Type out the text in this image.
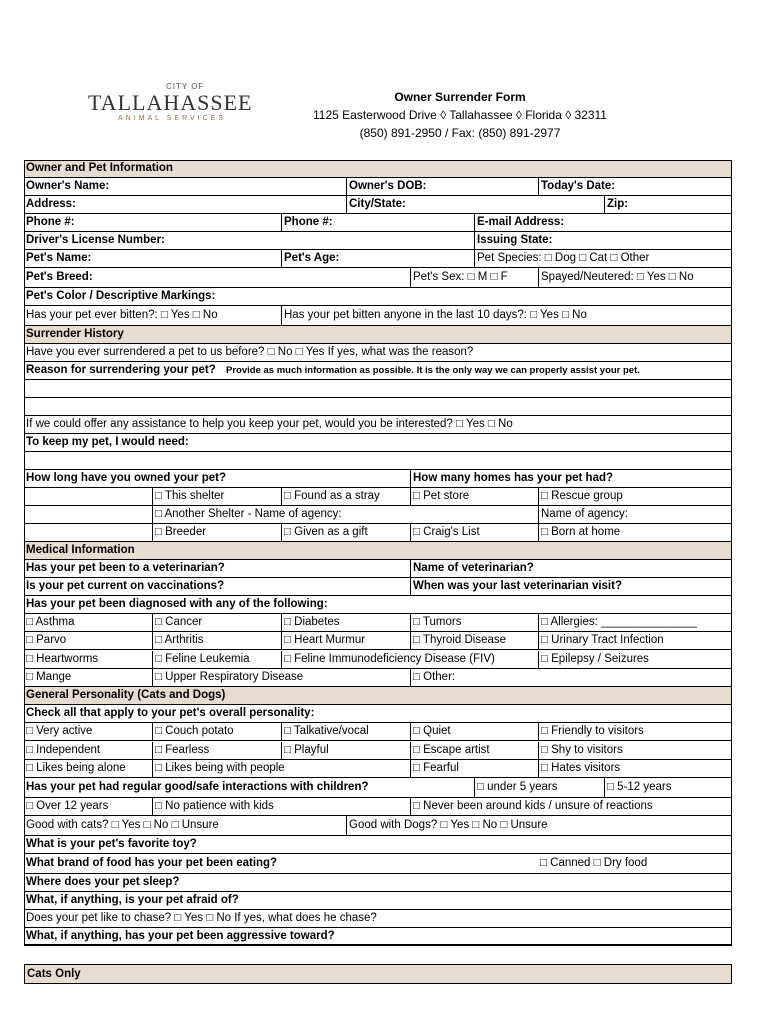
CITY OF
TALLAHASSEE
ANIMAL SERVICES
Owner Surrender Form
1125 Easterwood Drive ◊ Tallahassee ◊ Florida ◊ 32311
(850) 891-2950 / Fax: (850) 891-2977
Owner and Pet Information
Owner's Name:	Owner's DOB:	Today's Date:
Address:	City/State:	Zip:
Phone #:	Phone #:	E-mail Address:
Driver's License Number:	Issuing State:
Pet's Name:	Pet's Age:	Pet Species: □ Dog □ Cat □ Other
Pet's Breed:	Pet's Sex: □ M □ F	Spayed/Neutered: □ Yes □ No
Pet's Color / Descriptive Markings:
Has your pet ever bitten?: □ Yes □ No	Has your pet bitten anyone in the last 10 days?: □ Yes □ No
Surrender History
Have you ever surrendered a pet to us before? □ No □ Yes If yes, what was the reason?
Reason for surrendering your pet?	Provide as much information as possible. It is the only way we can properly assist your pet.
If we could offer any assistance to help you keep your pet, would you be interested? □ Yes □ No
To keep my pet, I would need:
How long have you owned your pet?	How many homes has your pet had?
□ This shelter	□ Found as a stray	□ Pet store	□ Rescue group
□ Another Shelter - Name of agency:	Name of agency:
□ Breeder	□ Given as a gift	□ Craig's List	□ Born at home
Medical Information
Has your pet been to a veterinarian?	Name of veterinarian?
Is your pet current on vaccinations?	When was your last veterinarian visit?
Has your pet been diagnosed with any of the following:
□ Asthma	□ Cancer	□ Diabetes	□ Tumors	□ Allergies: _______________
□ Parvo	□ Arthritis	□ Heart Murmur	□ Thyroid Disease	□ Urinary Tract Infection
□ Heartworms	□ Feline Leukemia	□ Feline Immunodeficiency Disease (FIV)	□ Epilepsy / Seizures
□ Mange	□ Upper Respiratory Disease	□ Other:
General Personality (Cats and Dogs)
Check all that apply to your pet's overall personality:
□ Very active	□ Couch potato	□ Talkative/vocal	□ Quiet	□ Friendly to visitors
□ Independent	□ Fearless	□ Playful	□ Escape artist	□ Shy to visitors
□ Likes being alone	□ Likes being with people	□ Fearful	□ Hates visitors
Has your pet had regular good/safe interactions with children?	□ under 5 years	□ 5-12 years
□ Over 12 years	□ No patience with kids	□ Never been around kids / unsure of reactions
Good with cats? □ Yes □ No □ Unsure	Good with Dogs? □ Yes □ No □ Unsure
What is your pet's favorite toy?
What brand of food has your pet been eating?	□ Canned □ Dry food
Where does your pet sleep?
What, if anything, is your pet afraid of?
Does your pet like to chase? □ Yes □ No If yes, what does he chase?
What, if anything, has your pet been aggressive toward?
Cats Only
